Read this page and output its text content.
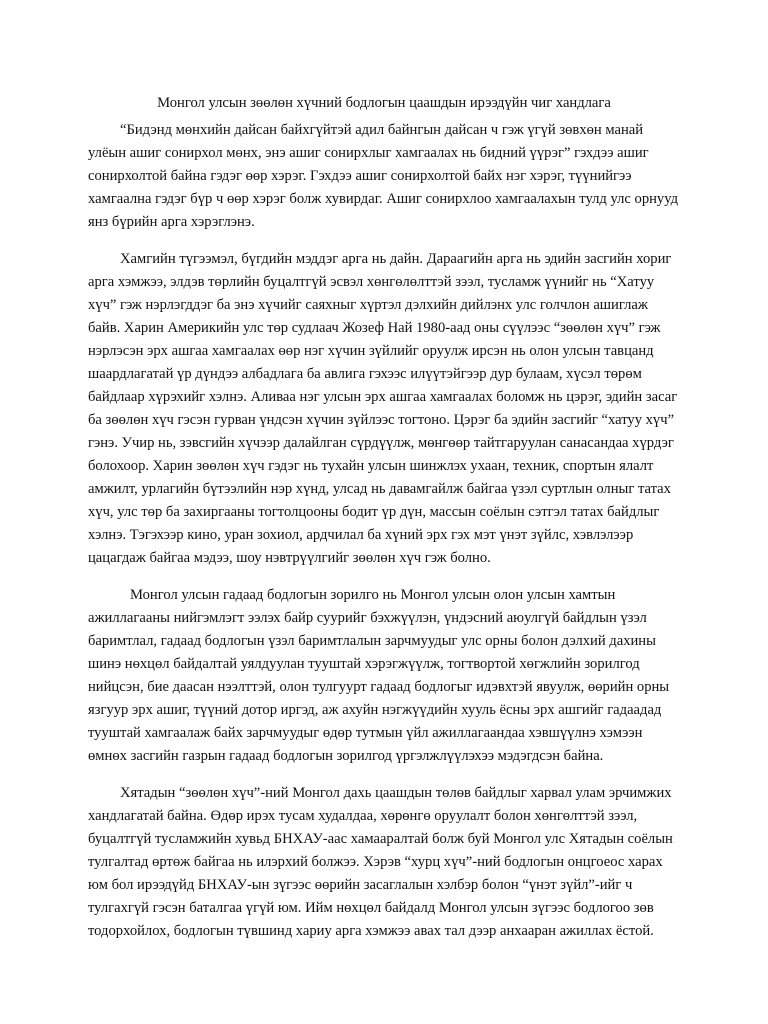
Монгол улсын зөөлөн хүчний бодлогын цаашдын ирээдүйн чиг хандлага

“Бидэнд мөнхийн дайсан байхгүйтэй адил байнгын дайсан ч гэж үгүй зөвхөн манай улёын ашиг сонирхол мөнх, энэ ашиг сонирхлыг хамгаалах нь бидний үүрэг” гэхдээ ашиг сонирхолтой байна гэдэг өөр хэрэг. Гэхдээ ашиг сонирхолтой байх нэг хэрэг, түүнийгээ хамгаална гэдэг бүр ч өөр хэрэг болж хувирдаг. Ашиг сонирхлоо хамгаалахын тулд улс орнууд янз бүрийн арга хэрэглэнэ.

Хамгийн түгээмэл, бүгдийн мэддэг арга нь дайн. Дараагийн арга нь эдийн засгийн хориг арга хэмжээ, элдэв төрлийн буцалтгүй эсвэл хөнгөлөлттэй зээл, тусламж үүнийг нь “Хатуу хүч” гэж нэрлэгддэг ба энэ хүчийг саяхныг хүртэл дэлхийн дийлэнх улс голчлон ашиглаж байв. Харин Америкийн улс төр судлаач Жозеф Най 1980-аад оны сүүлээс “зөөлөн хүч” гэж нэрлэсэн эрх ашгаа хамгаалах өөр нэг хүчин зүйлийг оруулж ирсэн нь олон улсын тавцанд шаардлагатай үр дүндээ албадлага ба авлига гэхээс илүүтэйгээр дур булаам, хүсэл төрөм байдлаар хүрэхийг хэлнэ. Аливаа нэг улсын эрх ашгаа хамгаалах боломж нь цэрэг, эдийн засаг ба зөөлөн хүч гэсэн гурван үндсэн хүчин зүйлээс тогтоно. Цэрэг ба эдийн засгийг “хатуу хүч” гэнэ. Учир нь, зэвсгийн хүчээр далайлган сүрдүүлж, мөнгөөр тайтгаруулан санасандаа хүрдэг болохоор. Харин зөөлөн хүч гэдэг нь тухайн улсын шинжлэх ухаан, техник, спортын ялалт амжилт, урлагийн бүтээлийн нэр хүнд, улсад нь давамгайлж байгаа үзэл суртлын олныг татах хүч, улс төр ба захиргааны тогтолцооны бодит үр дүн, массын соёлын сэтгэл татах байдлыг хэлнэ. Тэгэхээр кино, уран зохиол, ардчилал ба хүний эрх гэх мэт үнэт зүйлс, хэвлэлээр цацагдаж байгаа мэдээ, шоу нэвтрүүлгийг зөөлөн хүч гэж болно.

Монгол улсын гадаад бодлогын зорилго нь Монгол улсын олон улсын хамтын ажиллагааны нийгэмлэгт ээлэх байр суурийг бэхжүүлэн, үндэсний аюулгүй байдлын үзэл баримтлал, гадаад бодлогын үзэл баримтлалын зарчмуудыг улс орны болон дэлхий дахины шинэ нөхцөл байдалтай уялдуулан тууштай хэрэгжүүлж, тогтвортой хөгжлийн зорилгод нийцсэн, бие даасан нээлттэй, олон тулгуурт гадаад бодлогыг идэвхтэй явуулж, өөрийн орны язгуур эрх ашиг, түүний дотор иргэд, аж ахуйн нэгжүүдийн хууль ёсны эрх ашгийг гадаадад тууштай хамгаалаж байх зарчмуудыг өдөр тутмын үйл ажиллагаандаа хэвшүүлнэ хэмээн өмнөх засгийн газрын гадаад бодлогын зорилгод үргэлжлүүлэхээ мэдэгдсэн байна.

Хятадын “зөөлөн хүч”-ний Монгол дахь цаашдын төлөв байдлыг харвал улам эрчимжих хандлагатай байна. Өдөр ирэх тусам худалдаа, хөрөнгө оруулалт болон хөнгөлттэй зээл, буцалтгүй тусламжийн хувьд БНХАУ-аас хамааралтай болж буй Монгол улс Хятадын соёлын тулгалтад өртөж байгаа нь илэрхий болжээ. Хэрэв “хурц хүч”-ний бодлогын онцгоеос харах юм бол ирээдүйд БНХАУ-ын зүгээс өөрийн засаглалын хэлбэр болон “үнэт зүйл”-ийг ч тулгахгүй гэсэн баталгаа үгүй юм. Ийм нөхцөл байдалд Монгол улсын зүгээс бодлогоо зөв тодорхойлох, бодлогын түвшинд хариу арга хэмжээ авах тал дээр анхааран ажиллах ёстой.
